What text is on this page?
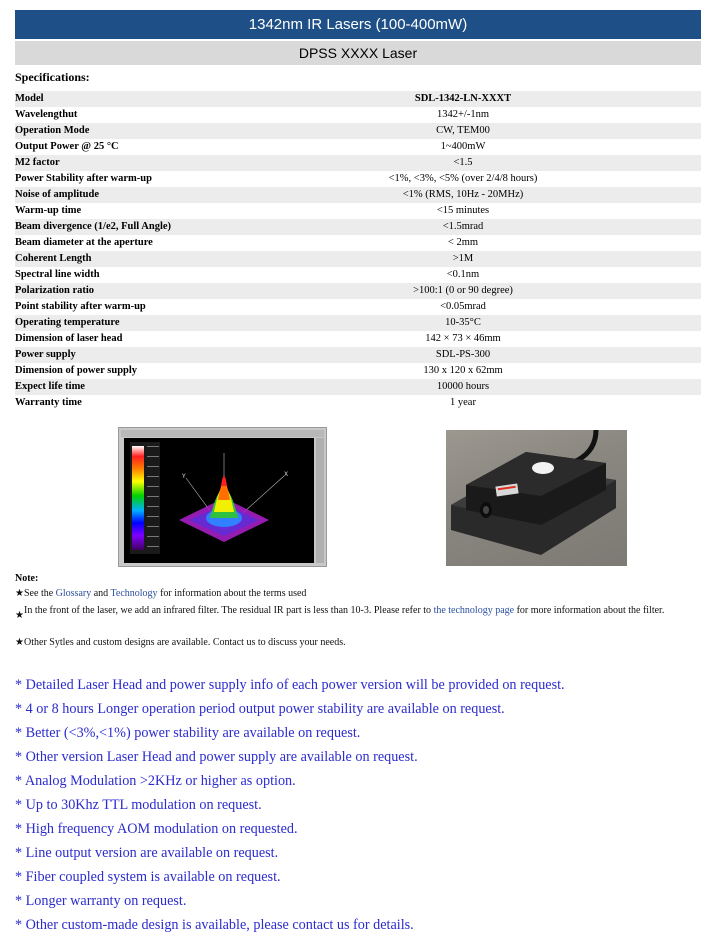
1342nm IR Lasers (100-400mW)
DPSS XXXX Laser
Specifications:
Model	SDL-1342-LN-XXXT
Wavelengthut	1342+/-1nm
Operation Mode	CW, TEM00
Output Power @ 25 °C	1~400mW
M2 factor	<1.5
Power Stability after warm-up	<1%, <3%, <5% (over 2/4/8 hours)
Noise of amplitude	<1% (RMS, 10Hz - 20MHz)
Warm-up time	<15 minutes
Beam divergence (1/e2, Full Angle)	<1.5mrad
Beam diameter at the aperture	< 2mm
Coherent Length	>1M
Spectral line width	<0.1nm
Polarization ratio	>100:1 (0 or 90 degree)
Point stability after warm-up	<0.05mrad
Operating temperature	10-35°C
Dimension of laser head	142 × 73 × 46mm
Power supply	SDL-PS-300
Dimension of power supply	130 x 120 x 62mm
Expect life time	10000 hours
Warranty time	1 year
Y	X
Note:
★See the Glossary and Technology for information about the terms used
★ In the front of the laser, we add an infrared filter. The residual IR part is less than 10-3. Please refer to the technology page for more information about the filter.
★Other Sytles and custom designs are available. Contact us to discuss your needs.
* Detailed Laser Head and power supply info of each power version will be provided on request.
* 4 or 8 hours Longer operation period output power stability are available on request.
* Better (<3%,<1%) power stability are available on request.
* Other version Laser Head and power supply are available on request.
* Analog Modulation >2KHz or higher as option.
* Up to 30Khz TTL modulation on request.
* High frequency AOM modulation on requested.
* Line output version are available on request.
* Fiber coupled system is available on request.
* Longer warranty on request.
* Other custom-made design is available, please contact us for details.
